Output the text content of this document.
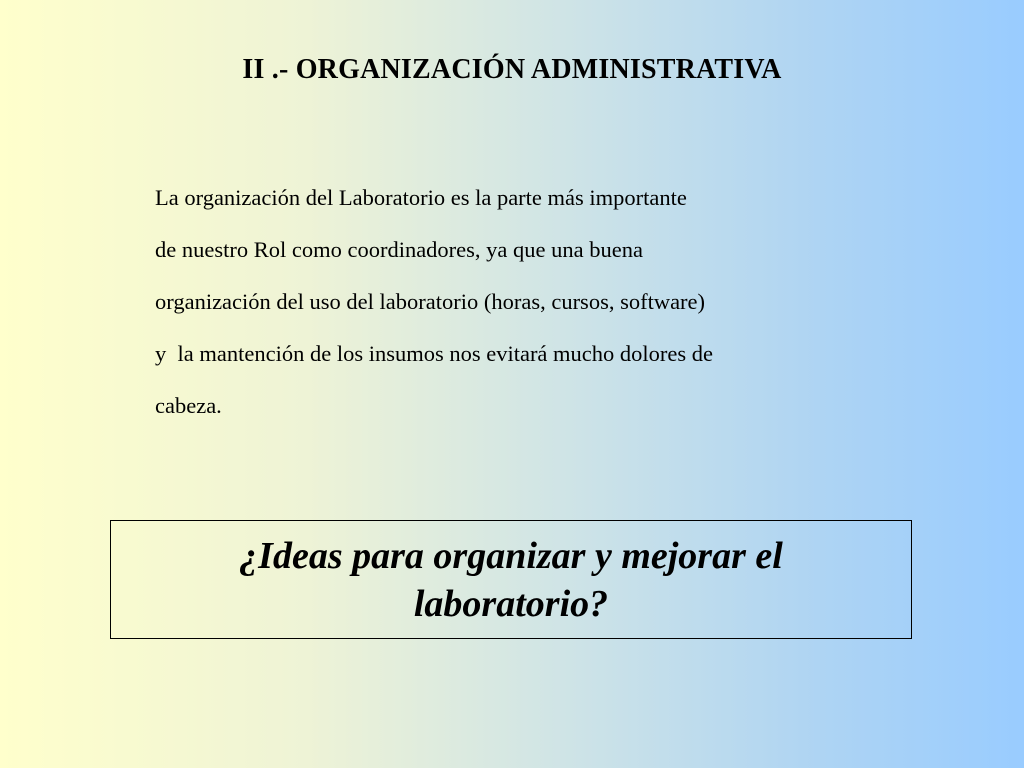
II .- ORGANIZACIÓN ADMINISTRATIVA
La organización del Laboratorio es la parte más importante
de nuestro Rol como coordinadores, ya que una buena
organización del uso del laboratorio (horas, cursos, software)
y  la mantención de los insumos nos evitará mucho dolores de
cabeza.
¿Ideas para organizar y mejorar el
laboratorio?
